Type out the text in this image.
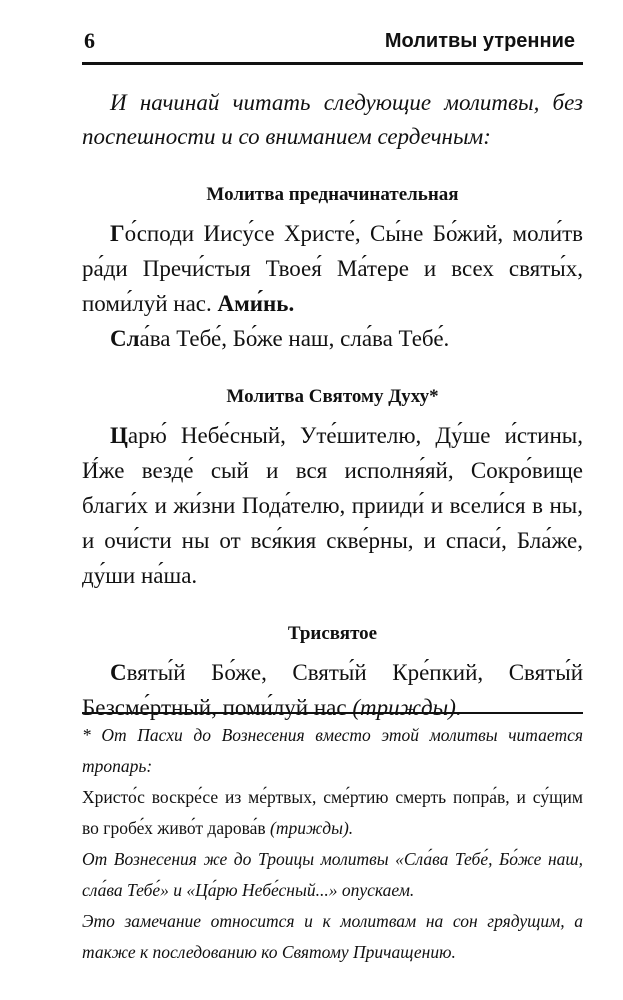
6	Молитвы утренние

И начинай читать следующие молитвы, без поспешности и со вниманием сердечным:

Молитва предначинательная

Го́споди Иису́се Христе́, Сы́не Бо́жий, моли́тв ра́ди Пречи́стыя Твоея́ Ма́тере и всех святы́х, поми́луй нас. Ами́нь.

Сла́ва Тебе́, Бо́же наш, сла́ва Тебе́.

Молитва Святому Духу*

Царю́ Небе́сный, Уте́шителю, Ду́ше и́стины, И́же везде́ сый и вся исполня́яй, Сокро́вище благи́х и жи́зни Пода́телю, прииди́ и всели́ся в ны, и очи́сти ны от вся́кия скве́рны, и спаси́, Бла́же, ду́ши на́ша.

Трисвятое

Святы́й Бо́же, Святы́й Кре́пкий, Святы́й Безсме́ртный, поми́луй нас (трижды).

* От Пасхи до Вознесения вместо этой молитвы читается тропарь:

Христо́с воскре́се из ме́ртвых, сме́ртию смерть попра́в, и су́щим во гробе́х живо́т дарова́в (трижды).

От Вознесения же до Троицы молитвы «Сла́ва Тебе́, Бо́же наш, сла́ва Тебе́» и «Ца́рю Небе́сный...» опускаем.

Это замечание относится и к молитвам на сон грядущим, а также к последованию ко Святому Причащению.
